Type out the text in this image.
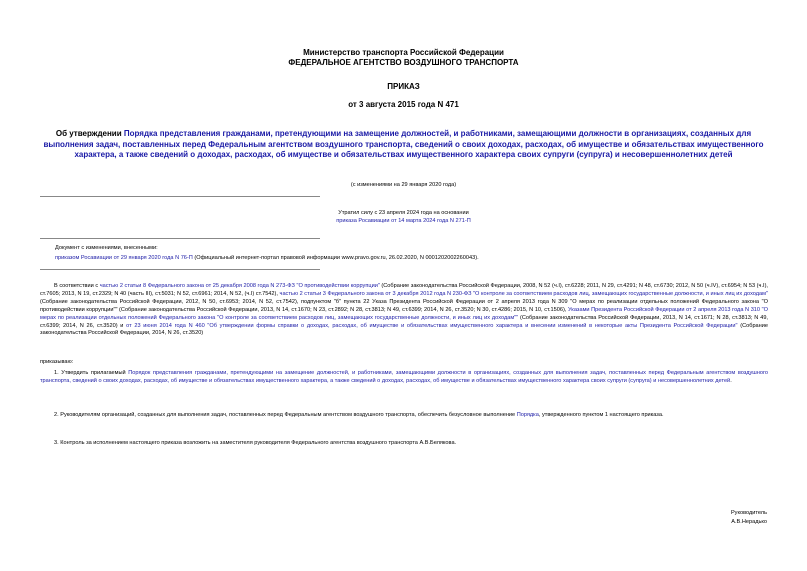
Министерство транспорта Российской Федерации
ФЕДЕРАЛЬНОЕ АГЕНТСТВО ВОЗДУШНОГО ТРАНСПОРТА
ПРИКАЗ
от 3 августа 2015 года N 471
Об утверждении Порядка представления гражданами, претендующими на замещение должностей, и работниками, замещающими должности в организациях, созданных для выполнения задач, поставленных перед Федеральным агентством воздушного транспорта, сведений о своих доходах, расходах, об имуществе и обязательствах имущественного характера, а также сведений о доходах, расходах, об имуществе и обязательствах имущественного характера своих супруги (супруга) и несовершеннолетних детей
(с изменениями на 29 января 2020 года)
Утратил силу с 23 апреля 2024 года на основании
приказа Росавиации от 14 марта 2024 года N 271-П
Документ с изменениями, внесенными:
приказом Росавиации от 29 января 2020 года N 76-П (Официальный интернет-портал правовой информации www.pravo.gov.ru, 26.02.2020, N 0001202002260043).
В соответствии с частью 2 статьи 8 Федерального закона от 25 декабря 2008 года N 273-ФЗ "О противодействии коррупции" (Собрание законодательства Российской Федерации, 2008, N 52 (ч.I), ст.6228; 2011, N 29, ст.4291; N 48, ст.6730; 2012, N 50 (ч.IV), ст.6954; N 53 (ч.I), ст.7605; 2013, N 19, ст.2329; N 40 (часть III), ст.5031; N 52, ст.6961; 2014, N 52, (ч.I) ст.7542), частью 2 статьи 3 Федерального закона от 3 декабря 2012 года N 230-ФЗ "О контроле за соответствием расходов лиц, замещающих государственные должности, и иных лиц их доходам" (Собрание законодательства Российской Федерации, 2012, N 50, ст.6953; 2014, N 52, ст.7542), подпунктом "б" пункта 22 Указа Президента Российской Федерации от 2 апреля 2013 года N 309 "О мерах по реализации отдельных положений Федерального закона "О противодействии коррупции"" (Собрание законодательства Российской Федерации, 2013, N 14, ст.1670; N 23, ст.2892; N 28, ст.3813; N 49, ст.6399; 2014, N 26, ст.3520; N 30, ст.4286; 2015, N 10, ст.1506), Указами Президента Российской Федерации от 2 апреля 2013 года N 310 "О мерах по реализации отдельных положений Федерального закона "О контроле за соответствием расходов лиц, замещающих государственные должности, и иных лиц их доходам"" (Собрание законодательства Российской Федерации, 2013, N 14, ст.1671; N 28, ст.3813; N 49, ст.6399; 2014, N 26, ст.3520) и от 23 июня 2014 года N 460 "Об утверждении формы справки о доходах, расходах, об имуществе и обязательствах имущественного характера и внесении изменений в некоторые акты Президента Российской Федерации" (Собрание законодательства Российской Федерации, 2014, N 26, ст.3520)
приказываю:
1. Утвердить прилагаемый Порядок представления гражданами, претендующими на замещение должностей, и работниками, замещающими должности в организациях, созданных для выполнения задач, поставленных перед Федеральным агентством воздушного транспорта, сведений о своих доходах, расходах, об имуществе и обязательствах имущественного характера, а также сведений о доходах, расходах, об имуществе и обязательствах имущественного характера своих супруги (супруга) и несовершеннолетних детей.
2. Руководителям организаций, созданных для выполнения задач, поставленных перед Федеральным агентством воздушного транспорта, обеспечить безусловное выполнение Порядка, утвержденного пунктом 1 настоящего приказа.
3. Контроль за исполнением настоящего приказа возложить на заместителя руководителя Федерального агентства воздушного транспорта А.В.Белякова.
Руководитель
А.В.Нерадько
